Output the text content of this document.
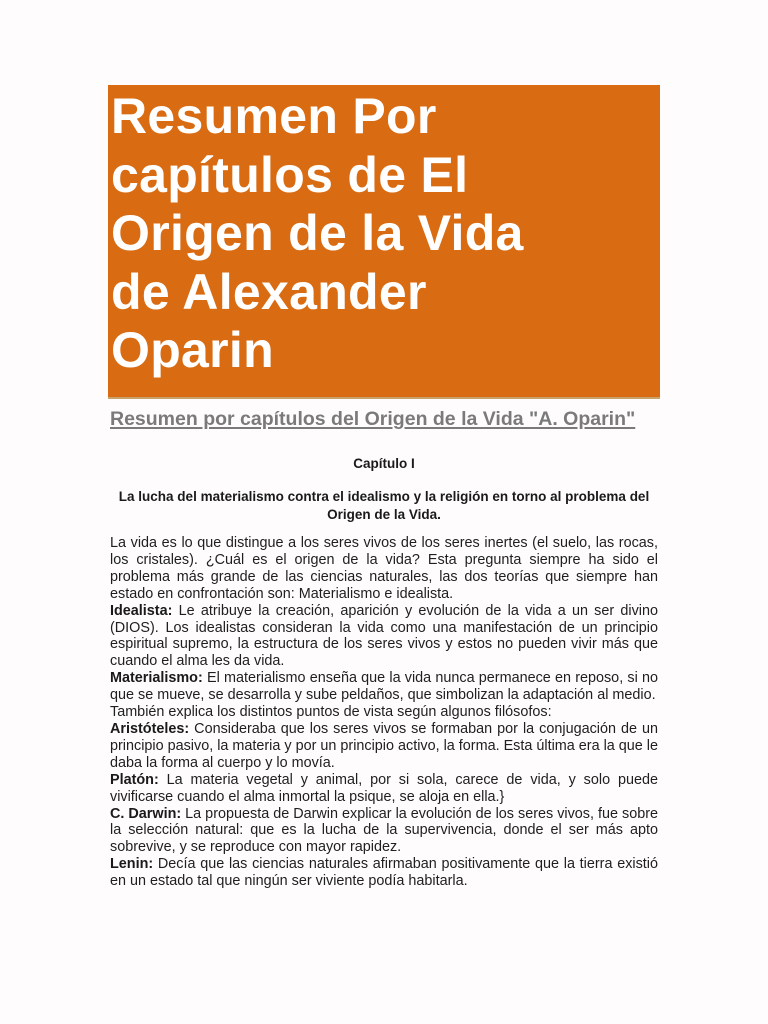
Resumen Por
capítulos de El
Origen de la Vida
de Alexander
Oparin
Resumen por capítulos del Origen de la Vida "A. Oparin"

Capítulo I

La lucha del materialismo contra el idealismo y la religión en torno al problema del Origen de la Vida.

La vida es lo que distingue a los seres vivos de los seres inertes (el suelo, las rocas, los cristales). ¿Cuál es el origen de la vida? Esta pregunta siempre ha sido el problema más grande de las ciencias naturales, las dos teorías que siempre han estado en confrontación son: Materialismo e idealista.

Idealista: Le atribuye la creación, aparición y evolución de la vida a un ser divino (DIOS). Los idealistas consideran la vida como una manifestación de un principio espiritual supremo, la estructura de los seres vivos y estos no pueden vivir más que cuando el alma les da vida.

Materialismo: El materialismo enseña que la vida nunca permanece en reposo, si no que se mueve, se desarrolla y sube peldaños, que simbolizan la adaptación al medio.

También explica los distintos puntos de vista según algunos filósofos:

Aristóteles: Consideraba que los seres vivos se formaban por la conjugación de un principio pasivo, la materia y por un principio activo, la forma. Esta última era la que le daba la forma al cuerpo y lo movía.

Platón: La materia vegetal y animal, por si sola, carece de vida, y solo puede vivificarse cuando el alma inmortal la psique, se aloja en ella.}

C. Darwin: La propuesta de Darwin explicar la evolución de los seres vivos, fue sobre la selección natural: que es la lucha de la supervivencia, donde el ser más apto sobrevive, y se reproduce con mayor rapidez.

Lenin: Decía que las ciencias naturales afirmaban positivamente que la tierra existió en un estado tal que ningún ser viviente podía habitarla.
